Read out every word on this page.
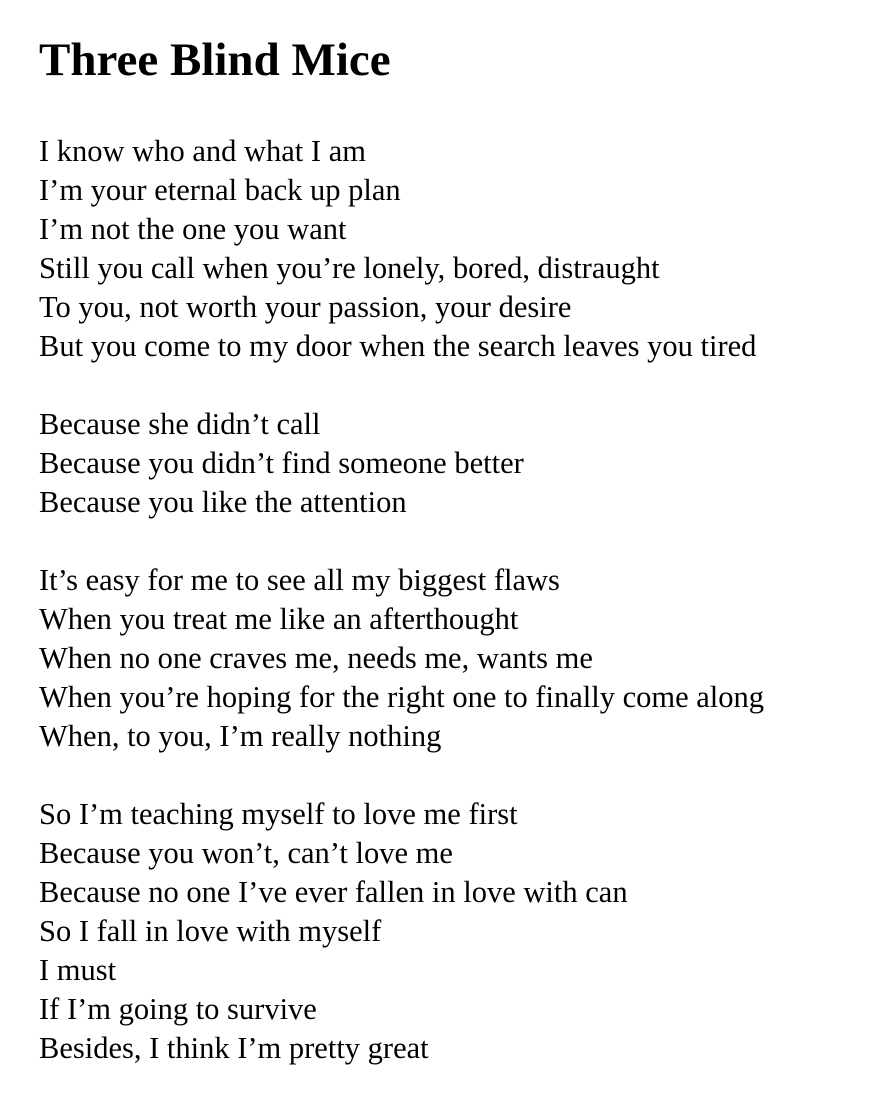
Three Blind Mice
I know who and what I am
I’m your eternal back up plan
I’m not the one you want
Still you call when you’re lonely, bored, distraught
To you, not worth your passion, your desire
But you come to my door when the search leaves you tired
Because she didn’t call
Because you didn’t find someone better
Because you like the attention
It’s easy for me to see all my biggest flaws
When you treat me like an afterthought
When no one craves me, needs me, wants me
When you’re hoping for the right one to finally come along
When, to you, I’m really nothing
So I’m teaching myself to love me first
Because you won’t, can’t love me
Because no one I’ve ever fallen in love with can
So I fall in love with myself
I must
If I’m going to survive
Besides, I think I’m pretty great
